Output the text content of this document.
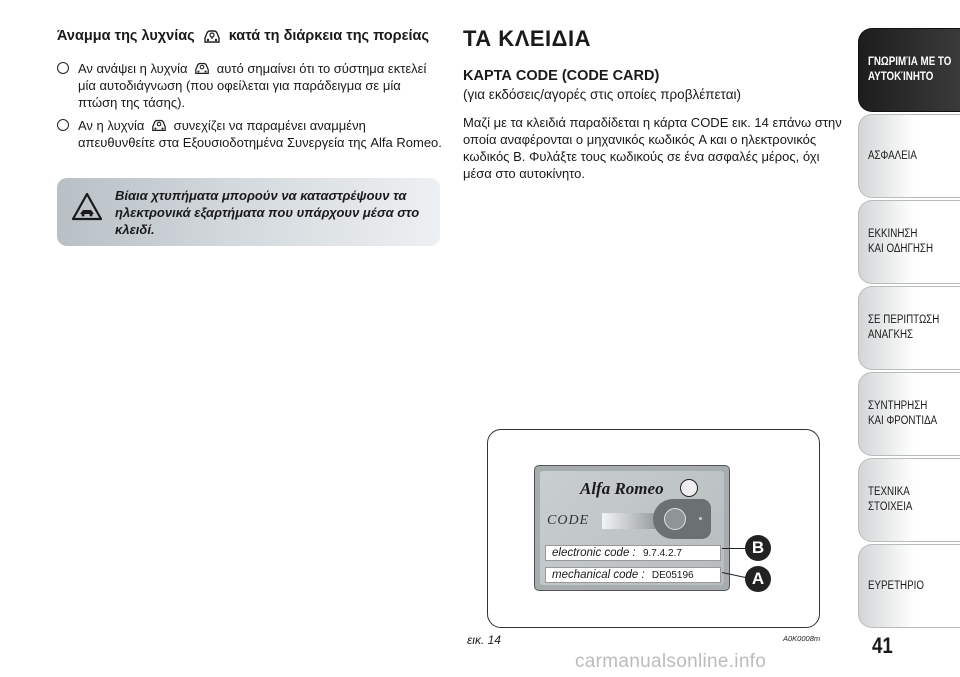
Άναμμα της λυχνίας κατά τη διάρκεια της πορείας
Αν ανάψει η λυχνία αυτό σημαίνει ότι το σύστημα εκτελεί μία αυτοδιάγνωση (που οφείλεται για παράδειγμα σε μία πτώση της τάσης).
Αν η λυχνία συνεχίζει να παραμένει αναμμένη απευθυνθείτε στα Εξουσιοδοτημένα Συνεργεία της Alfa Romeo.
Βίαια χτυπήματα μπορούν να καταστρέψουν τα ηλεκτρονικά εξαρτήματα που υπάρχουν μέσα στο κλειδί.
ΤΑ ΚΛΕΙΔΙΑ
ΚΑΡΤΑ CODE (CODE CARD)
(για εκδόσεις/αγορές στις οποίες προβλέπεται)
Μαζί με τα κλειδιά παραδίδεται η κάρτα CODE εικ. 14 επάνω στην οποία αναφέρονται ο μηχανικός κωδικός A και ο ηλεκτρονικός κωδικός B. Φυλάξτε τους κωδικούς σε ένα ασφαλές μέρος, όχι μέσα στο αυτοκίνητο.
Alfa Romeo
CODE
electronic code : 9.7.4.2.7
mechanical code : DE05196
B
A
εικ. 14	A0K0008m
ΓΝΩΡΙΜΊΑ ΜΕ ΤΟ
ΑΥΤΟΚΊΝΗΤΟ
ΑΣΦΑΛΕΙΑ
ΕΚΚΙΝΗΣΗ
ΚΑΙ ΟΔΗΓΗΣΗ
ΣΕ ΠΕΡΙΠΤΩΣΗ
ΑΝΑΓΚΗΣ
ΣΥΝΤΗΡΗΣΗ
ΚΑΙ ΦΡΟΝΤΙΔΑ
ΤΕΧΝΙΚΑ
ΣΤΟΙΧΕΙΑ
ΕΥΡΕΤΗΡΙΟ
41
carmanualsonline.info
